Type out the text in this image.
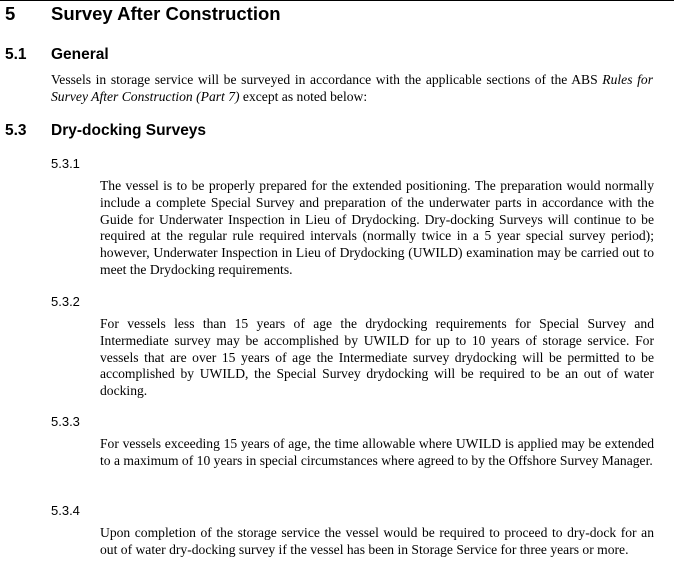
5 Survey After Construction
5.1 General

Vessels in storage service will be surveyed in accordance with the applicable sections of the ABS Rules for Survey After Construction (Part 7) except as noted below:

5.3 Dry-docking Surveys
5.3.1

The vessel is to be properly prepared for the extended positioning. The preparation would normally include a complete Special Survey and preparation of the underwater parts in accordance with the Guide for Underwater Inspection in Lieu of Drydocking. Dry-docking Surveys will continue to be required at the regular rule required intervals (normally twice in a 5 year special survey period); however, Underwater Inspection in Lieu of Drydocking (UWILD) examination may be carried out to meet the Drydocking requirements.

5.3.2

For vessels less than 15 years of age the drydocking requirements for Special Survey and Intermediate survey may be accomplished by UWILD for up to 10 years of storage service. For vessels that are over 15 years of age the Intermediate survey drydocking will be permitted to be accomplished by UWILD, the Special Survey drydocking will be required to be an out of water docking.

5.3.3

For vessels exceeding 15 years of age, the time allowable where UWILD is applied may be extended to a maximum of 10 years in special circumstances where agreed to by the Offshore Survey Manager.

5.3.4

Upon completion of the storage service the vessel would be required to proceed to dry-dock for an out of water dry-docking survey if the vessel has been in Storage Service for three years or more.
